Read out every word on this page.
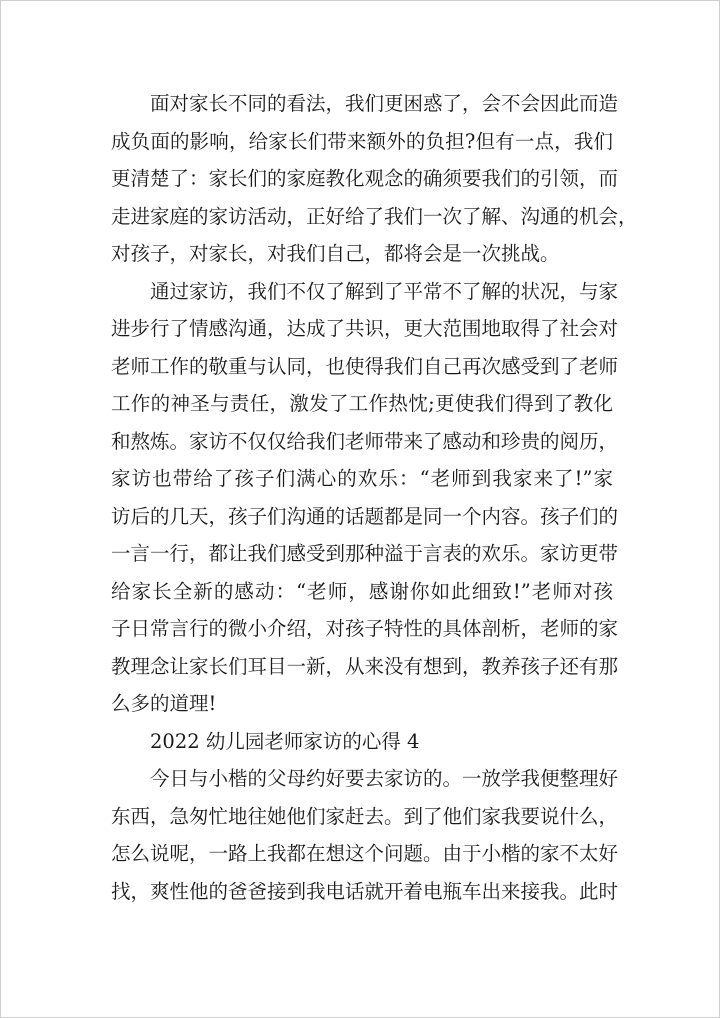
面对家长不同的看法，我们更困惑了，会不会因此而造
成负面的影响，给家长们带来额外的负担?但有一点，我们
更清楚了：家长们的家庭教化观念的确须要我们的引领，而
走进家庭的家访活动，正好给了我们一次了解、沟通的机会，
对孩子，对家长，对我们自己，都将会是一次挑战。
通过家访，我们不仅了解到了平常不了解的状况，与家
进步行了情感沟通，达成了共识，更大范围地取得了社会对
老师工作的敬重与认同，也使得我们自己再次感受到了老师
工作的神圣与责任，激发了工作热忱;更使我们得到了教化
和熬炼。家访不仅仅给我们老师带来了感动和珍贵的阅历，
家访也带给了孩子们满心的欢乐：“老师到我家来了!”家
访后的几天，孩子们沟通的话题都是同一个内容。孩子们的
一言一行，都让我们感受到那种溢于言表的欢乐。家访更带
给家长全新的感动：“老师，感谢你如此细致!”老师对孩
子日常言行的微小介绍，对孩子特性的具体剖析，老师的家
教理念让家长们耳目一新，从来没有想到，教养孩子还有那
么多的道理!
2022 幼儿园老师家访的心得 4
今日与小楷的父母约好要去家访的。一放学我便整理好
东西，急匆忙地往她他们家赶去。到了他们家我要说什么，
怎么说呢，一路上我都在想这个问题。由于小楷的家不太好
找，爽性他的爸爸接到我电话就开着电瓶车出来接我。此时
